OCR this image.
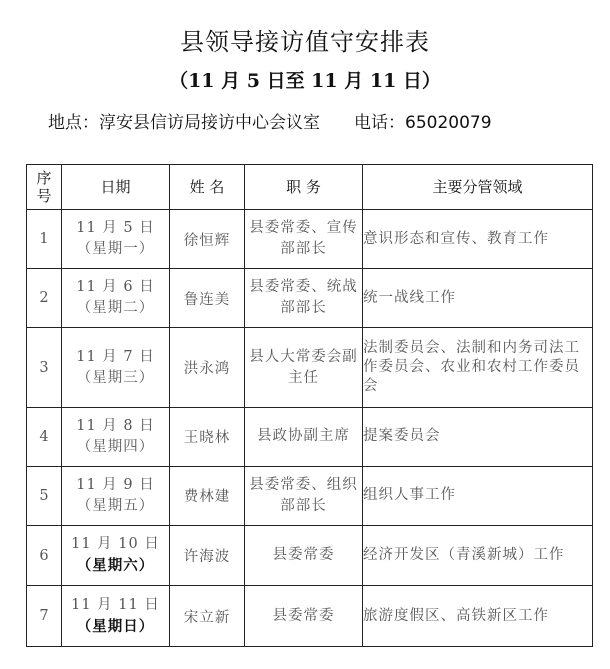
县领导接访值守安排表
（11 月 5 日至 11 月 11 日）
地点：淳安县信访局接访中心会议室 电话：65020079
序号	日期	姓 名	职 务	主要分管领域
1	11 月 5 日
（星期一）	徐恒辉	县委常委、宣传部部长	意识形态和宣传、教育工作
2	11 月 6 日
（星期二）	鲁连美	县委常委、统战部部长	统一战线工作
3	11 月 7 日
（星期三）	洪永鸿	县人大常委会副主任	法制委员会、法制和内务司法工作委员会、农业和农村工作委员会
4	11 月 8 日
（星期四）	王晓林	县政协副主席	提案委员会
5	11 月 9 日
（星期五）	费林建	县委常委、组织部部长	组织人事工作
6	11 月 10 日
（星期六）	许海波	县委常委	经济开发区（青溪新城）工作
7	11 月 11 日
（星期日）	宋立新	县委常委	旅游度假区、高铁新区工作
